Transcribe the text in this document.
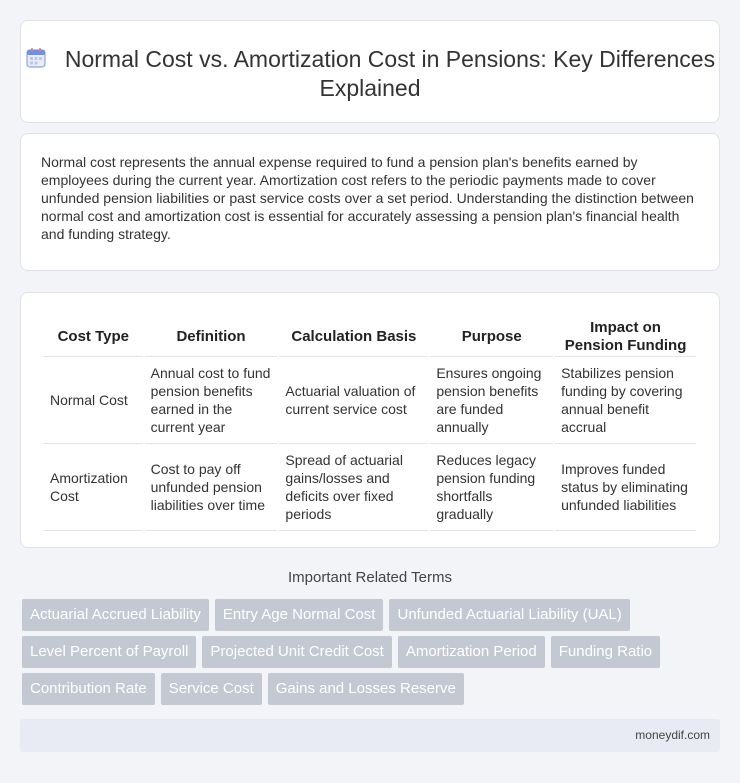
Normal Cost vs. Amortization Cost in Pensions: Key Differences Explained

Normal cost represents the annual expense required to fund a pension plan's benefits earned by employees during the current year. Amortization cost refers to the periodic payments made to cover unfunded pension liabilities or past service costs over a set period. Understanding the distinction between normal cost and amortization cost is essential for accurately assessing a pension plan's financial health and funding strategy.

Cost Type	Definition	Calculation Basis	Purpose	Impact on Pension Funding
Normal Cost	Annual cost to fund pension benefits earned in the current year	Actuarial valuation of current service cost	Ensures ongoing pension benefits are funded annually	Stabilizes pension funding by covering annual benefit accrual
Amortization Cost	Cost to pay off unfunded pension liabilities over time	Spread of actuarial gains/losses and deficits over fixed periods	Reduces legacy pension funding shortfalls gradually	Improves funded status by eliminating unfunded liabilities
Important Related Terms
Actuarial Accrued Liability	Entry Age Normal Cost	Unfunded Actuarial Liability (UAL)
Level Percent of Payroll	Projected Unit Credit Cost	Amortization Period	Funding Ratio
Contribution Rate	Service Cost	Gains and Losses Reserve
moneydif.com
